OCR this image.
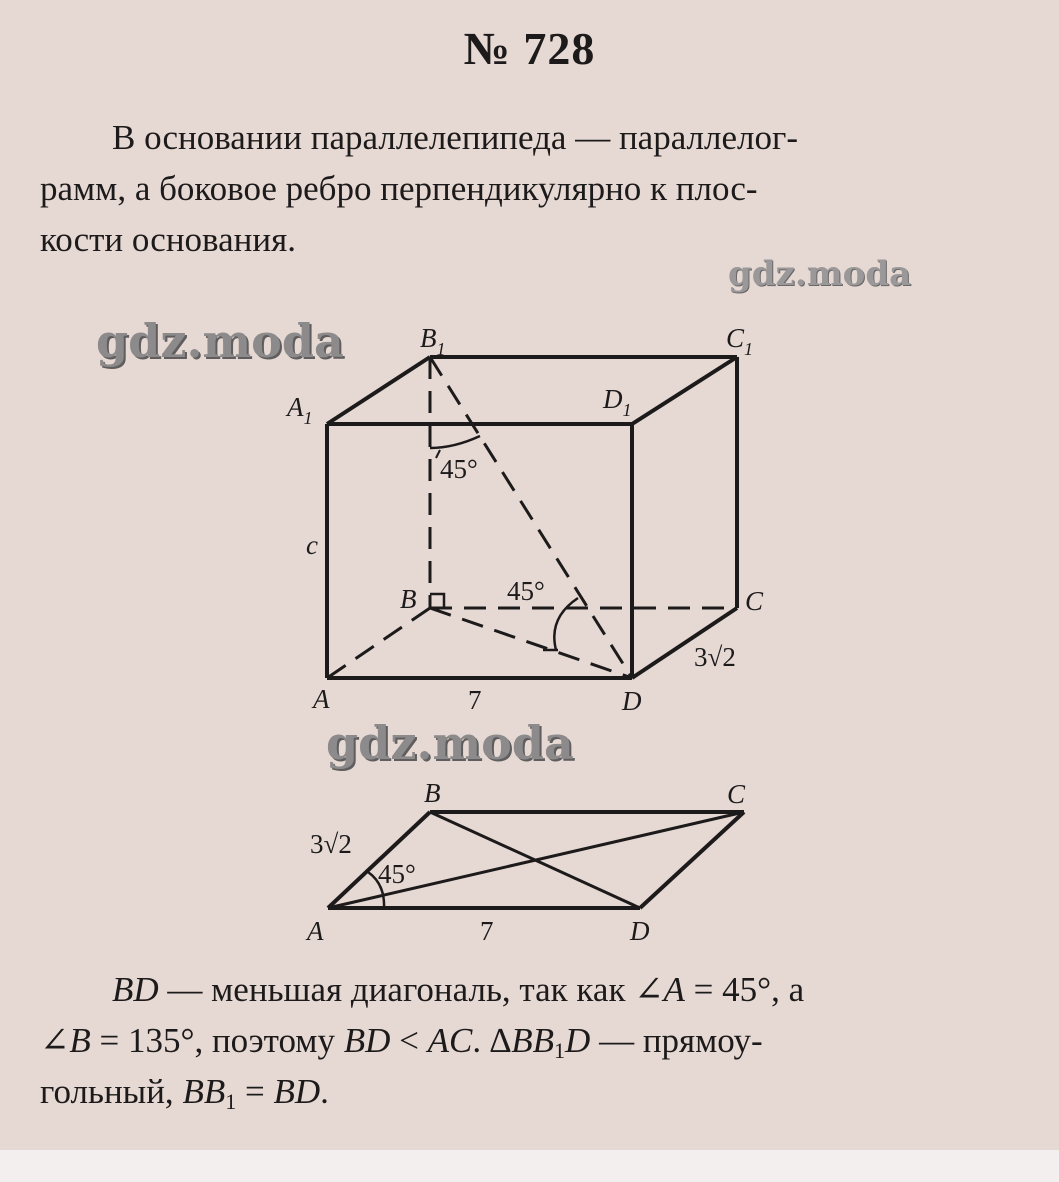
№ 728

В основании параллелепипеда — параллелог-
рамм, а боковое ребро перпендикулярно к плос-
кости основания.

$B_1$	$C_1$
$A_1$
$D_1$
c
B	C
A	D
7
3√2
45°
45°
B	C
A	D
3√2
7
45°
gdz.moda
gdz.moda
gdz.moda

BD — меньшая диагональ, так как ∠A = 45°, а
∠B = 135°, поэтому BD < AC. $\Delta BB_1D$ — прямоу-
гольный, $BB_1$ = BD.
